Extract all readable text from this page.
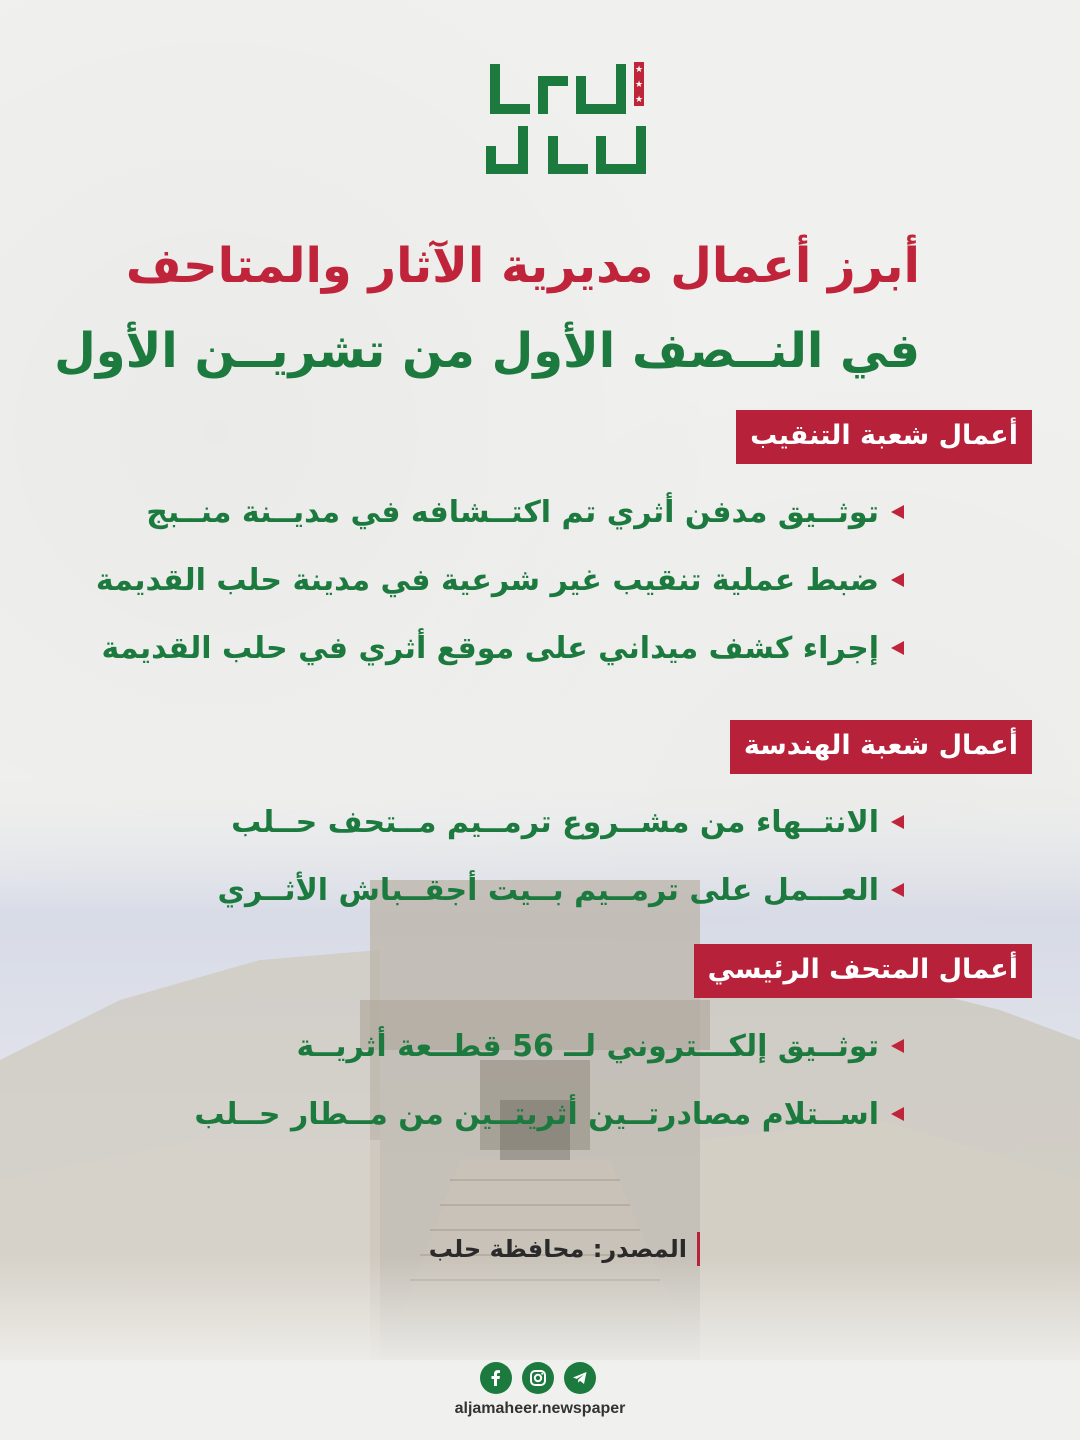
★
★
★
أبرز أعمال مديرية الآثار والمتاحف
في النــصف الأول من تشريــن الأول
أعمال شعبة التنقيب
توثــيق مدفن أثري تم اكتــشافه في مديــنة منــبج
ضبط عملية تنقيب غير شرعية في مدينة حلب القديمة
إجراء كشف ميداني على موقع أثري في حلب القديمة
أعمال شعبة الهندسة
الانتــهاء من مشــروع ترمــيم مــتحف حــلب
العـــمل على ترمــيم بــيت أجقــباش الأثــري
أعمال المتحف الرئيسي
توثــيق إلكـــتروني لــ 56 قطــعة أثريــة
اســتلام مصادرتــين أثريتــين من مــطار حــلب
المصدر: محافظة حلب
aljamaheer.newspaper
